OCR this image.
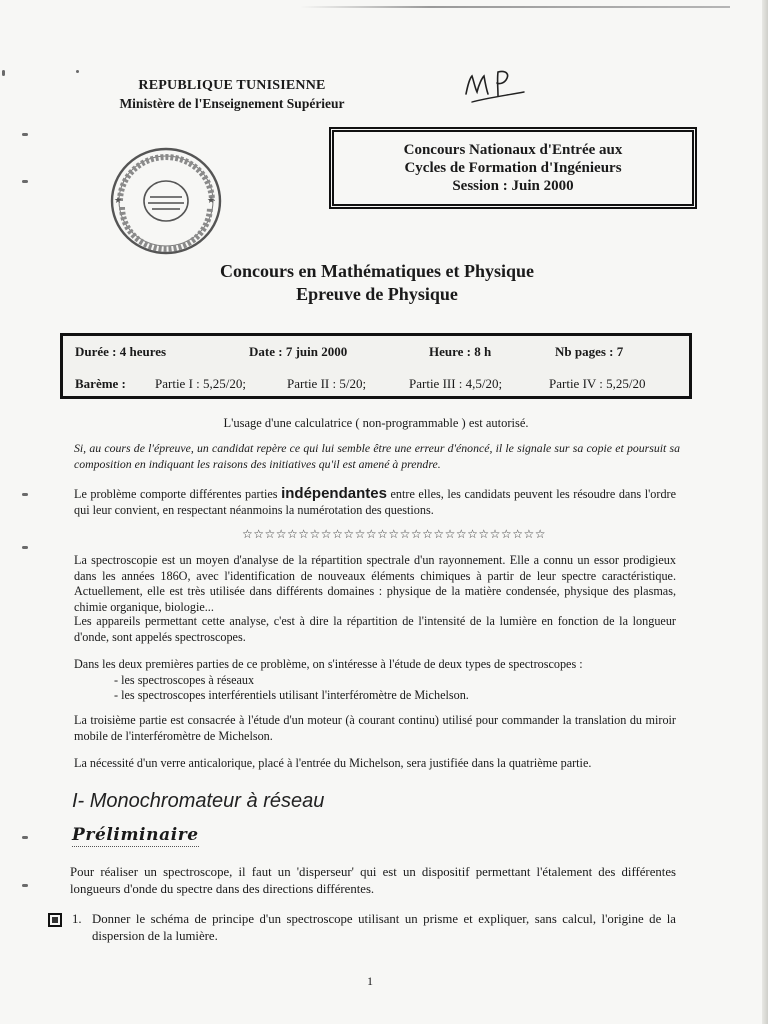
REPUBLIQUE TUNISIENNE
Ministère de l'Enseignement Supérieur
★	★
Concours Nationaux d'Entrée aux
Cycles de Formation d'Ingénieurs
Session : Juin 2000
Concours en Mathématiques et Physique
Epreuve de Physique
Durée : 4 heures	Date : 7 juin 2000	Heure : 8 h	Nb pages : 7
Barème : Partie I : 5,25/20;	Partie II : 5/20;	Partie III : 4,5/20;	Partie IV : 5,25/20
L'usage d'une calculatrice ( non-programmable ) est autorisé.
Si, au cours de l'épreuve, un candidat repère ce qui lui semble être une erreur d'énoncé, il le signale sur sa copie et poursuit sa composition en indiquant les raisons des initiatives qu'il est amené à prendre.
Le problème comporte différentes parties indépendantes entre elles, les candidats peuvent les résoudre dans l'ordre qui leur convient, en respectant néanmoins la numérotation des questions.
☆☆☆☆☆☆☆☆☆☆☆☆☆☆☆☆☆☆☆☆☆☆☆☆☆☆☆
La spectroscopie est un moyen d'analyse de la répartition spectrale d'un rayonnement. Elle a connu un essor prodigieux dans les années 186O, avec l'identification de nouveaux éléments chimiques à partir de leur spectre caractéristique. Actuellement, elle est très utilisée dans différents domaines : physique de la matière condensée, physique des plasmas, chimie organique, biologie...
Les appareils permettant cette analyse, c'est à dire la répartition de l'intensité de la lumière en fonction de la longueur d'onde, sont appelés spectroscopes.
Dans les deux premières parties de ce problème, on s'intéresse à l'étude de deux types de spectroscopes :
- les spectroscopes à réseaux
- les spectroscopes interférentiels utilisant l'interféromètre de Michelson.
La troisième partie est consacrée à l'étude d'un moteur (à courant continu) utilisé pour commander la translation du miroir mobile de l'interféromètre de Michelson.
La nécessité d'un verre anticalorique, placé à l'entrée du Michelson, sera justifiée dans la quatrième partie.
I- Monochromateur à réseau
Préliminaire
Pour réaliser un spectroscope, il faut un 'disperseur' qui est un dispositif permettant l'étalement des différentes longueurs d'onde du spectre dans des directions différentes.
1. Donner le schéma de principe d'un spectroscope utilisant un prisme et expliquer, sans calcul, l'origine de la dispersion de la lumière.
1
